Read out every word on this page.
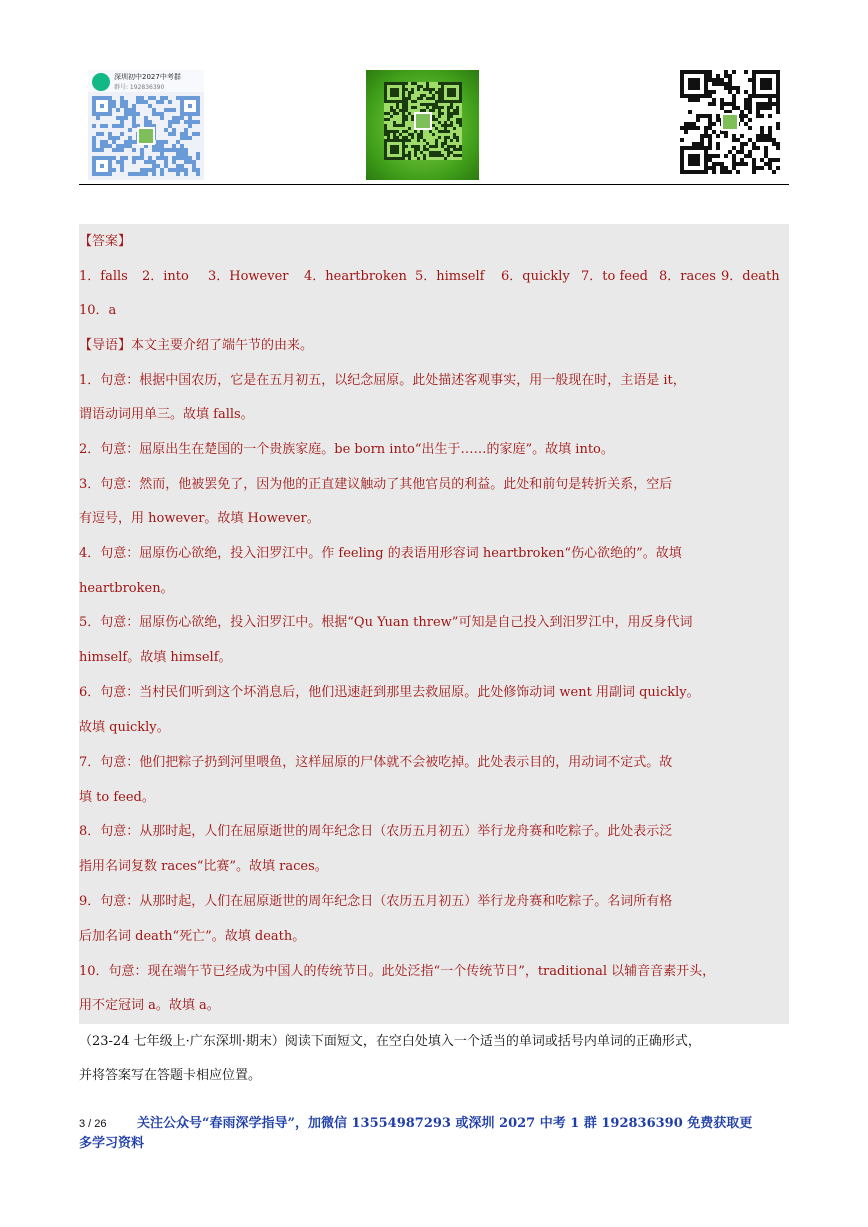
深圳初中2027中考群
群号: 192836390
【答案】
1．falls	2．into	3．However	4．heartbroken 5．himself	6．quickly 7．to feed 8．races 9．death
10．a
【导语】本文主要介绍了端午节的由来。
1．句意：根据中国农历，它是在五月初五，以纪念屈原。此处描述客观事实，用一般现在时，主语是 it，
谓语动词用单三。故填 falls。
2．句意：屈原出生在楚国的一个贵族家庭。be born into“出生于……的家庭”。故填 into。
3．句意：然而，他被罢免了，因为他的正直建议触动了其他官员的利益。此处和前句是转折关系，空后
有逗号，用 however。故填 However。
4．句意：屈原伤心欲绝，投入汨罗江中。作 feeling 的表语用形容词 heartbroken“伤心欲绝的”。故填
heartbroken。
5．句意：屈原伤心欲绝，投入汨罗江中。根据“Qu Yuan threw”可知是自己投入到汨罗江中，用反身代词
himself。故填 himself。
6．句意：当村民们听到这个坏消息后，他们迅速赶到那里去救屈原。此处修饰动词 went 用副词 quickly。
故填 quickly。
7．句意：他们把粽子扔到河里喂鱼，这样屈原的尸体就不会被吃掉。此处表示目的，用动词不定式。故
填 to feed。
8．句意：从那时起，人们在屈原逝世的周年纪念日（农历五月初五）举行龙舟赛和吃粽子。此处表示泛
指用名词复数 races“比赛”。故填 races。
9．句意：从那时起，人们在屈原逝世的周年纪念日（农历五月初五）举行龙舟赛和吃粽子。名词所有格
后加名词 death“死亡”。故填 death。
10．句意：现在端午节已经成为中国人的传统节日。此处泛指“一个传统节日”，traditional 以辅音音素开头，
用不定冠词 a。故填 a。
（23-24 七年级上·广东深圳·期末）阅读下面短文，在空白处填入一个适当的单词或括号内单词的正确形式，
并将答案写在答题卡相应位置。
3 / 26 关注公众号“春雨深学指导”，加微信 13554987293 或深圳 2027 中考 1 群 192836390 免费获取更
多学习资料
